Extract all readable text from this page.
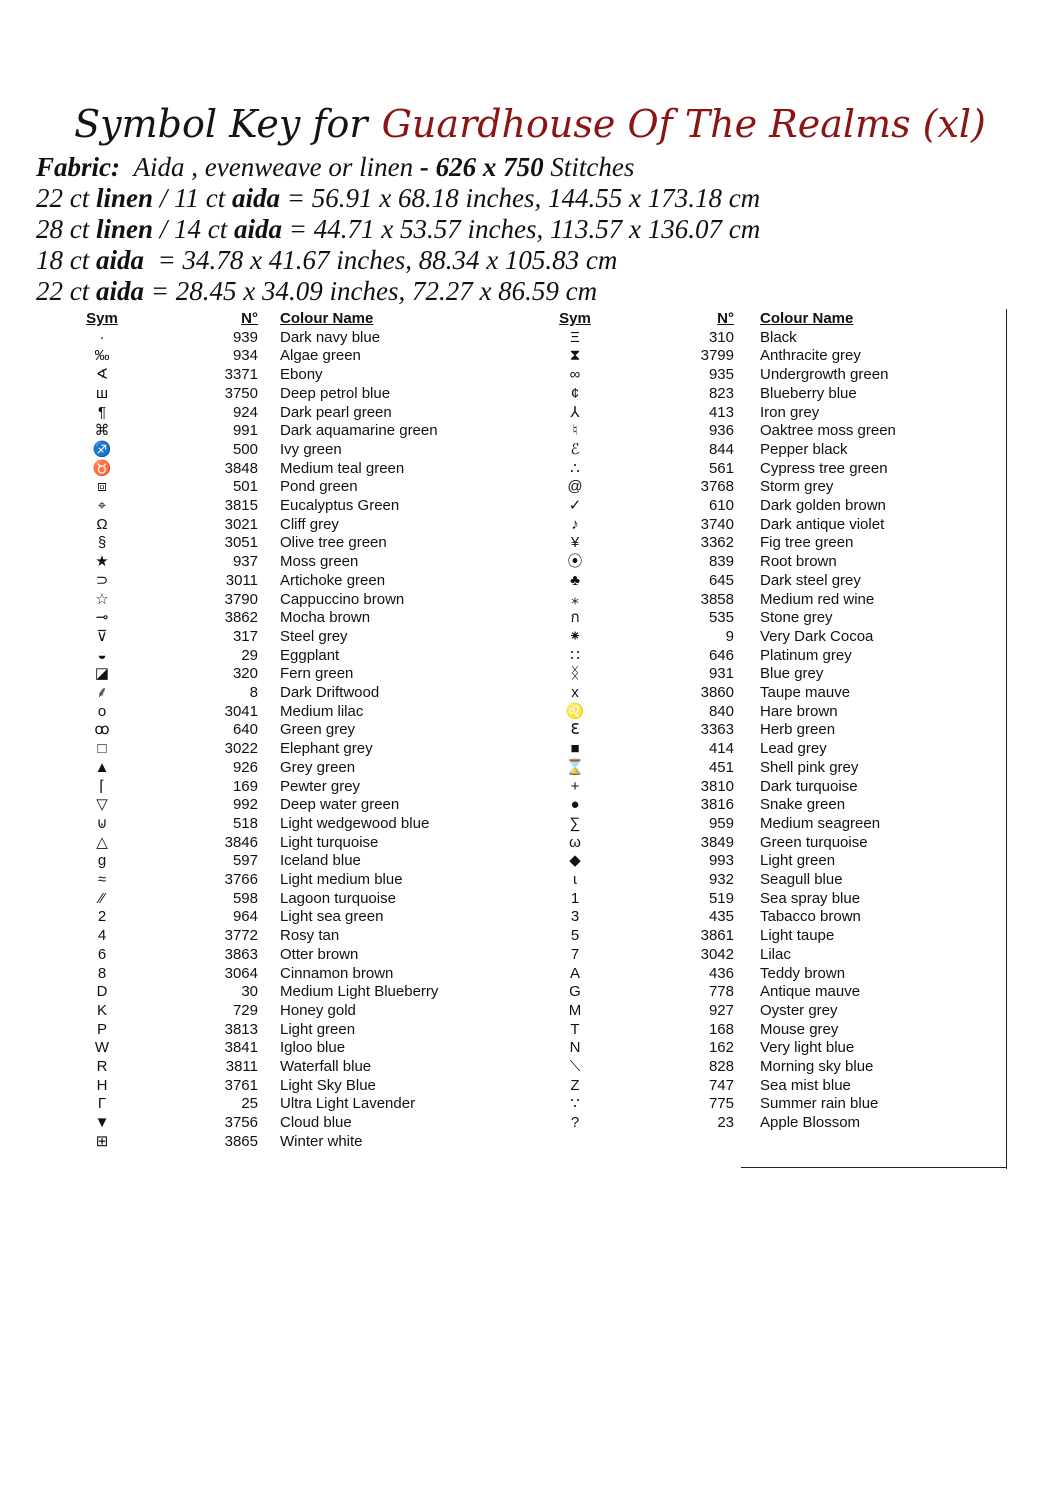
Symbol Key for Guardhouse Of The Realms (xl)
Fabric: Aida , evenweave or linen - 626 x 750 Stitches
22 ct linen / 11 ct aida = 56.91 x 68.18 inches, 144.55 x 173.18 cm
28 ct linen / 14 ct aida = 44.71 x 53.57 inches, 113.57 x 136.07 cm
18 ct aida  = 34.78 x 41.67 inches, 88.34 x 105.83 cm
22 ct aida = 28.45 x 34.09 inches, 72.27 x 86.59 cm
Sym	N° Colour Name	Sym	N° Colour Name
·	939 Dark navy blue	Ξ	310 Black
‰	934 Algae green	⧗	3799 Anthracite grey
∢	3371 Ebony	∞	935 Undergrowth green
ш	3750 Deep petrol blue	¢	823 Blueberry blue
¶	924 Dark pearl green	⅄	413 Iron grey
⌘	991 Dark aquamarine green	♮	936 Oaktree moss green
♐	500 Ivy green	ℰ	844 Pepper black
♉	3848 Medium teal green	∴	561 Cypress tree green
⧈	501 Pond green	@	3768 Storm grey
⌖	3815 Eucalyptus Green	✓	610 Dark golden brown
Ω	3021 Cliff grey	♪	3740 Dark antique violet
§	3051 Olive tree green	¥	3362 Fig tree green
★	937 Moss green	⦿	839 Root brown
⊃	3011 Artichoke green	♣	645 Dark steel grey
☆	3790 Cappuccino brown	⁎	3858 Medium red wine
⊸	3862 Mocha brown	ก	535 Stone grey
⊽	317 Steel grey	⁕	9 Very Dark Cocoa
◒	29 Eggplant	∷	646 Platinum grey
◪	320 Fern green	ᛝ	931 Blue grey
⸙	8 Dark Driftwood	x	3860 Taupe mauve
o	3041 Medium lilac	♌	840 Hare brown
ꝏ	640 Green grey	ℇ	3363 Herb green
□	3022 Elephant grey	■	414 Lead grey
▲	926 Grey green	⌛	451 Shell pink grey
⌈	169 Pewter grey	+	3810 Dark turquoise
▽	992 Deep water green	●	3816 Snake green
⊍	518 Light wedgewood blue	∑	959 Medium seagreen
△	3846 Light turquoise	ω	3849 Green turquoise
g	597 Iceland blue	◆	993 Light green
≈	3766 Light medium blue	ɩ	932 Seagull blue
⁄⁄	598 Lagoon turquoise	1	519 Sea spray blue
2	964 Light sea green	3	435 Tabacco brown
4	3772 Rosy tan	5	3861 Light taupe
6	3863 Otter brown	7	3042 Lilac
8	3064 Cinnamon brown	A	436 Teddy brown
D	30 Medium Light Blueberry	G	778 Antique mauve
K	729 Honey gold	M	927 Oyster grey
P	3813 Light green	T	168 Mouse grey
W	3841 Igloo blue	N	162 Very light blue
R	3811 Waterfall blue	⟍	828 Morning sky blue
H	3761 Light Sky Blue	Z	747 Sea mist blue
Γ	25 Ultra Light Lavender	∵	775 Summer rain blue
▼	3756 Cloud blue	?	23 Apple Blossom
⊞	3865 Winter white
